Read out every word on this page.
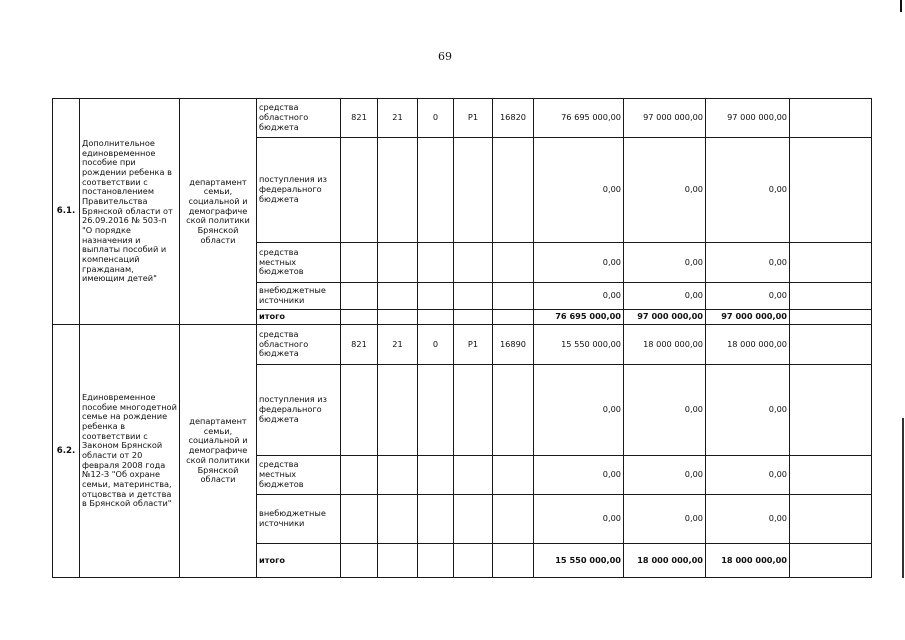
69
6.1.	Дополнительное единовременное пособие при рождении ребенка в соответствии с постановлением Правительства Брянской области от 26.09.2016 № 503-п "О порядке назначения и выплаты пособий и компенсаций гражданам, имеющим детей"	департамент семьи, социальной и демографиче ской политики Брянской области	средства областного бюджета	821	21	0	Р1	16820	76 695 000,00	97 000 000,00	97 000 000,00	
			поступления из федерального бюджета						0,00	0,00	0,00	
			средства местных бюджетов						0,00	0,00	0,00	
			внебюджетные источники						0,00	0,00	0,00	
			итого						76 695 000,00	97 000 000,00	97 000 000,00	
6.2.	Единовременное пособие многодетной семье на рождение ребенка в соответствии с Законом Брянской области от 20 февраля 2008 года №12-З "Об охране семьи, материнства, отцовства и детства в Брянской области"	департамент семьи, социальной и демографиче ской политики Брянской области	средства областного бюджета	821	21	0	Р1	16890	15 550 000,00	18 000 000,00	18 000 000,00	
			поступления из федерального бюджета						0,00	0,00	0,00	
			средства местных бюджетов						0,00	0,00	0,00	
			внебюджетные источники						0,00	0,00	0,00	
			итого						15 550 000,00	18 000 000,00	18 000 000,00	
